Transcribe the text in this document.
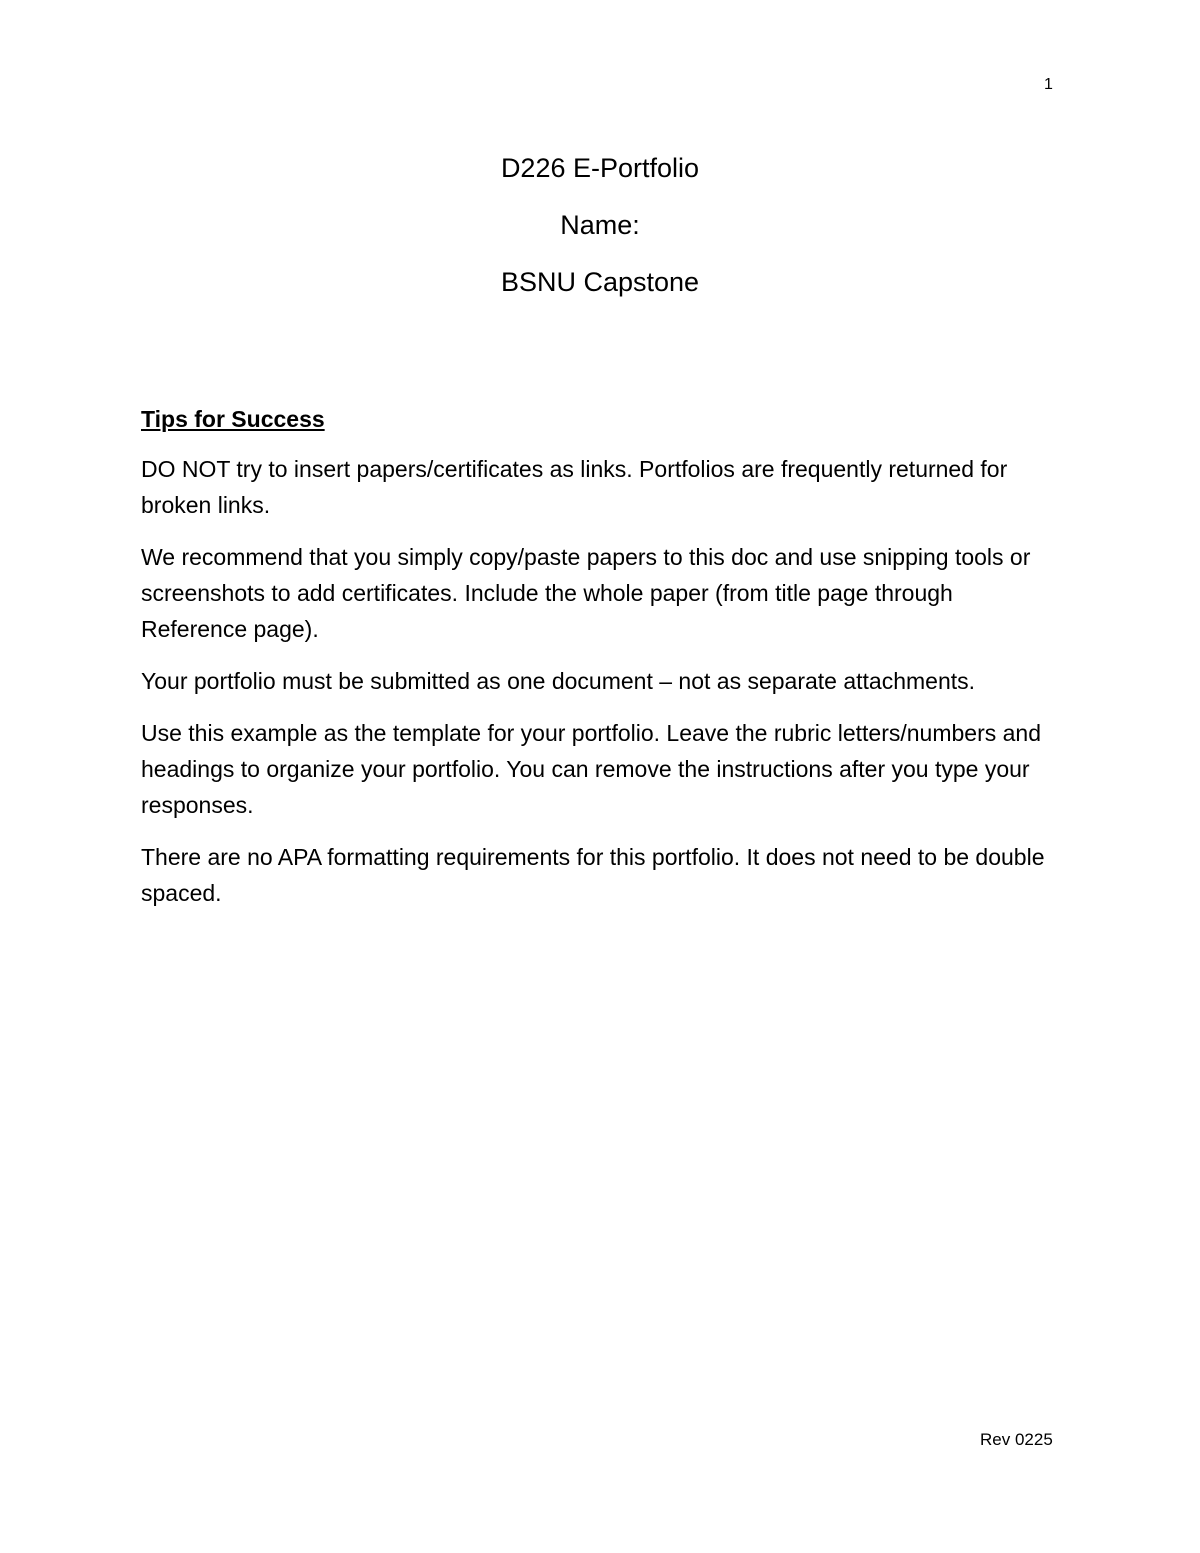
1

D226 E-Portfolio

Name:

BSNU Capstone

Tips for Success

DO NOT try to insert papers/certificates as links. Portfolios are frequently returned for broken links.

We recommend that you simply copy/paste papers to this doc and use snipping tools or screenshots to add certificates. Include the whole paper (from title page through Reference page).

Your portfolio must be submitted as one document – not as separate attachments.

Use this example as the template for your portfolio. Leave the rubric letters/numbers and headings to organize your portfolio. You can remove the instructions after you type your responses.

There are no APA formatting requirements for this portfolio. It does not need to be double spaced.

Rev 0225
